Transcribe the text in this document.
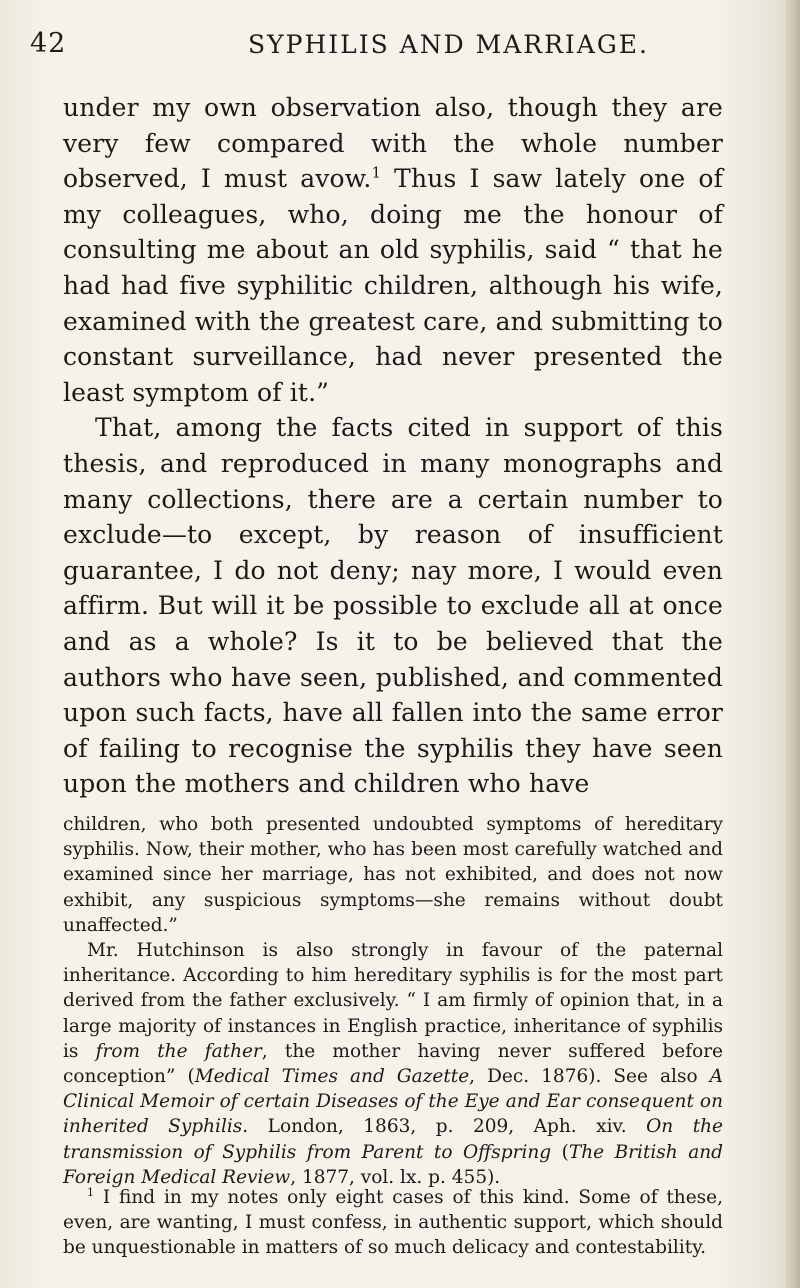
42	SYPHILIS AND MARRIAGE.

under my own observation also, though they are very few compared with the whole number observed, I must avow.$^1$ Thus I saw lately one of my colleagues, who, doing me the honour of consulting me about an old syphilis, said “ that he had had five syphilitic children, although his wife, examined with the greatest care, and submitting to constant surveillance, had never presented the least symptom of it.”

That, among the facts cited in support of this thesis, and reproduced in many monographs and many collections, there are a certain number to exclude—to except, by reason of insufficient guarantee, I do not deny; nay more, I would even affirm. But will it be possible to exclude all at once and as a whole? Is it to be believed that the authors who have seen, published, and commented upon such facts, have all fallen into the same error of failing to recognise the syphilis they have seen upon the mothers and children who have

children, who both presented undoubted symptoms of hereditary syphilis. Now, their mother, who has been most carefully watched and examined since her marriage, has not exhibited, and does not now exhibit, any suspicious symptoms—she remains without doubt unaffected.”

Mr. Hutchinson is also strongly in favour of the paternal inheritance. According to him hereditary syphilis is for the most part derived from the father exclusively. “ I am firmly of opinion that, in a large majority of instances in English practice, inheritance of syphilis is from the father, the mother having never suffered before conception” (Medical Times and Gazette, Dec. 1876). See also A Clinical Memoir of certain Diseases of the Eye and Ear consequent on inherited Syphilis. London, 1863, p. 209, Aph. xiv. On the transmission of Syphilis from Parent to Offspring (The British and Foreign Medical Review, 1877, vol. lx. p. 455).

$^1$ I find in my notes only eight cases of this kind. Some of these, even, are wanting, I must confess, in authentic support, which should be unquestionable in matters of so much delicacy and contestability.
